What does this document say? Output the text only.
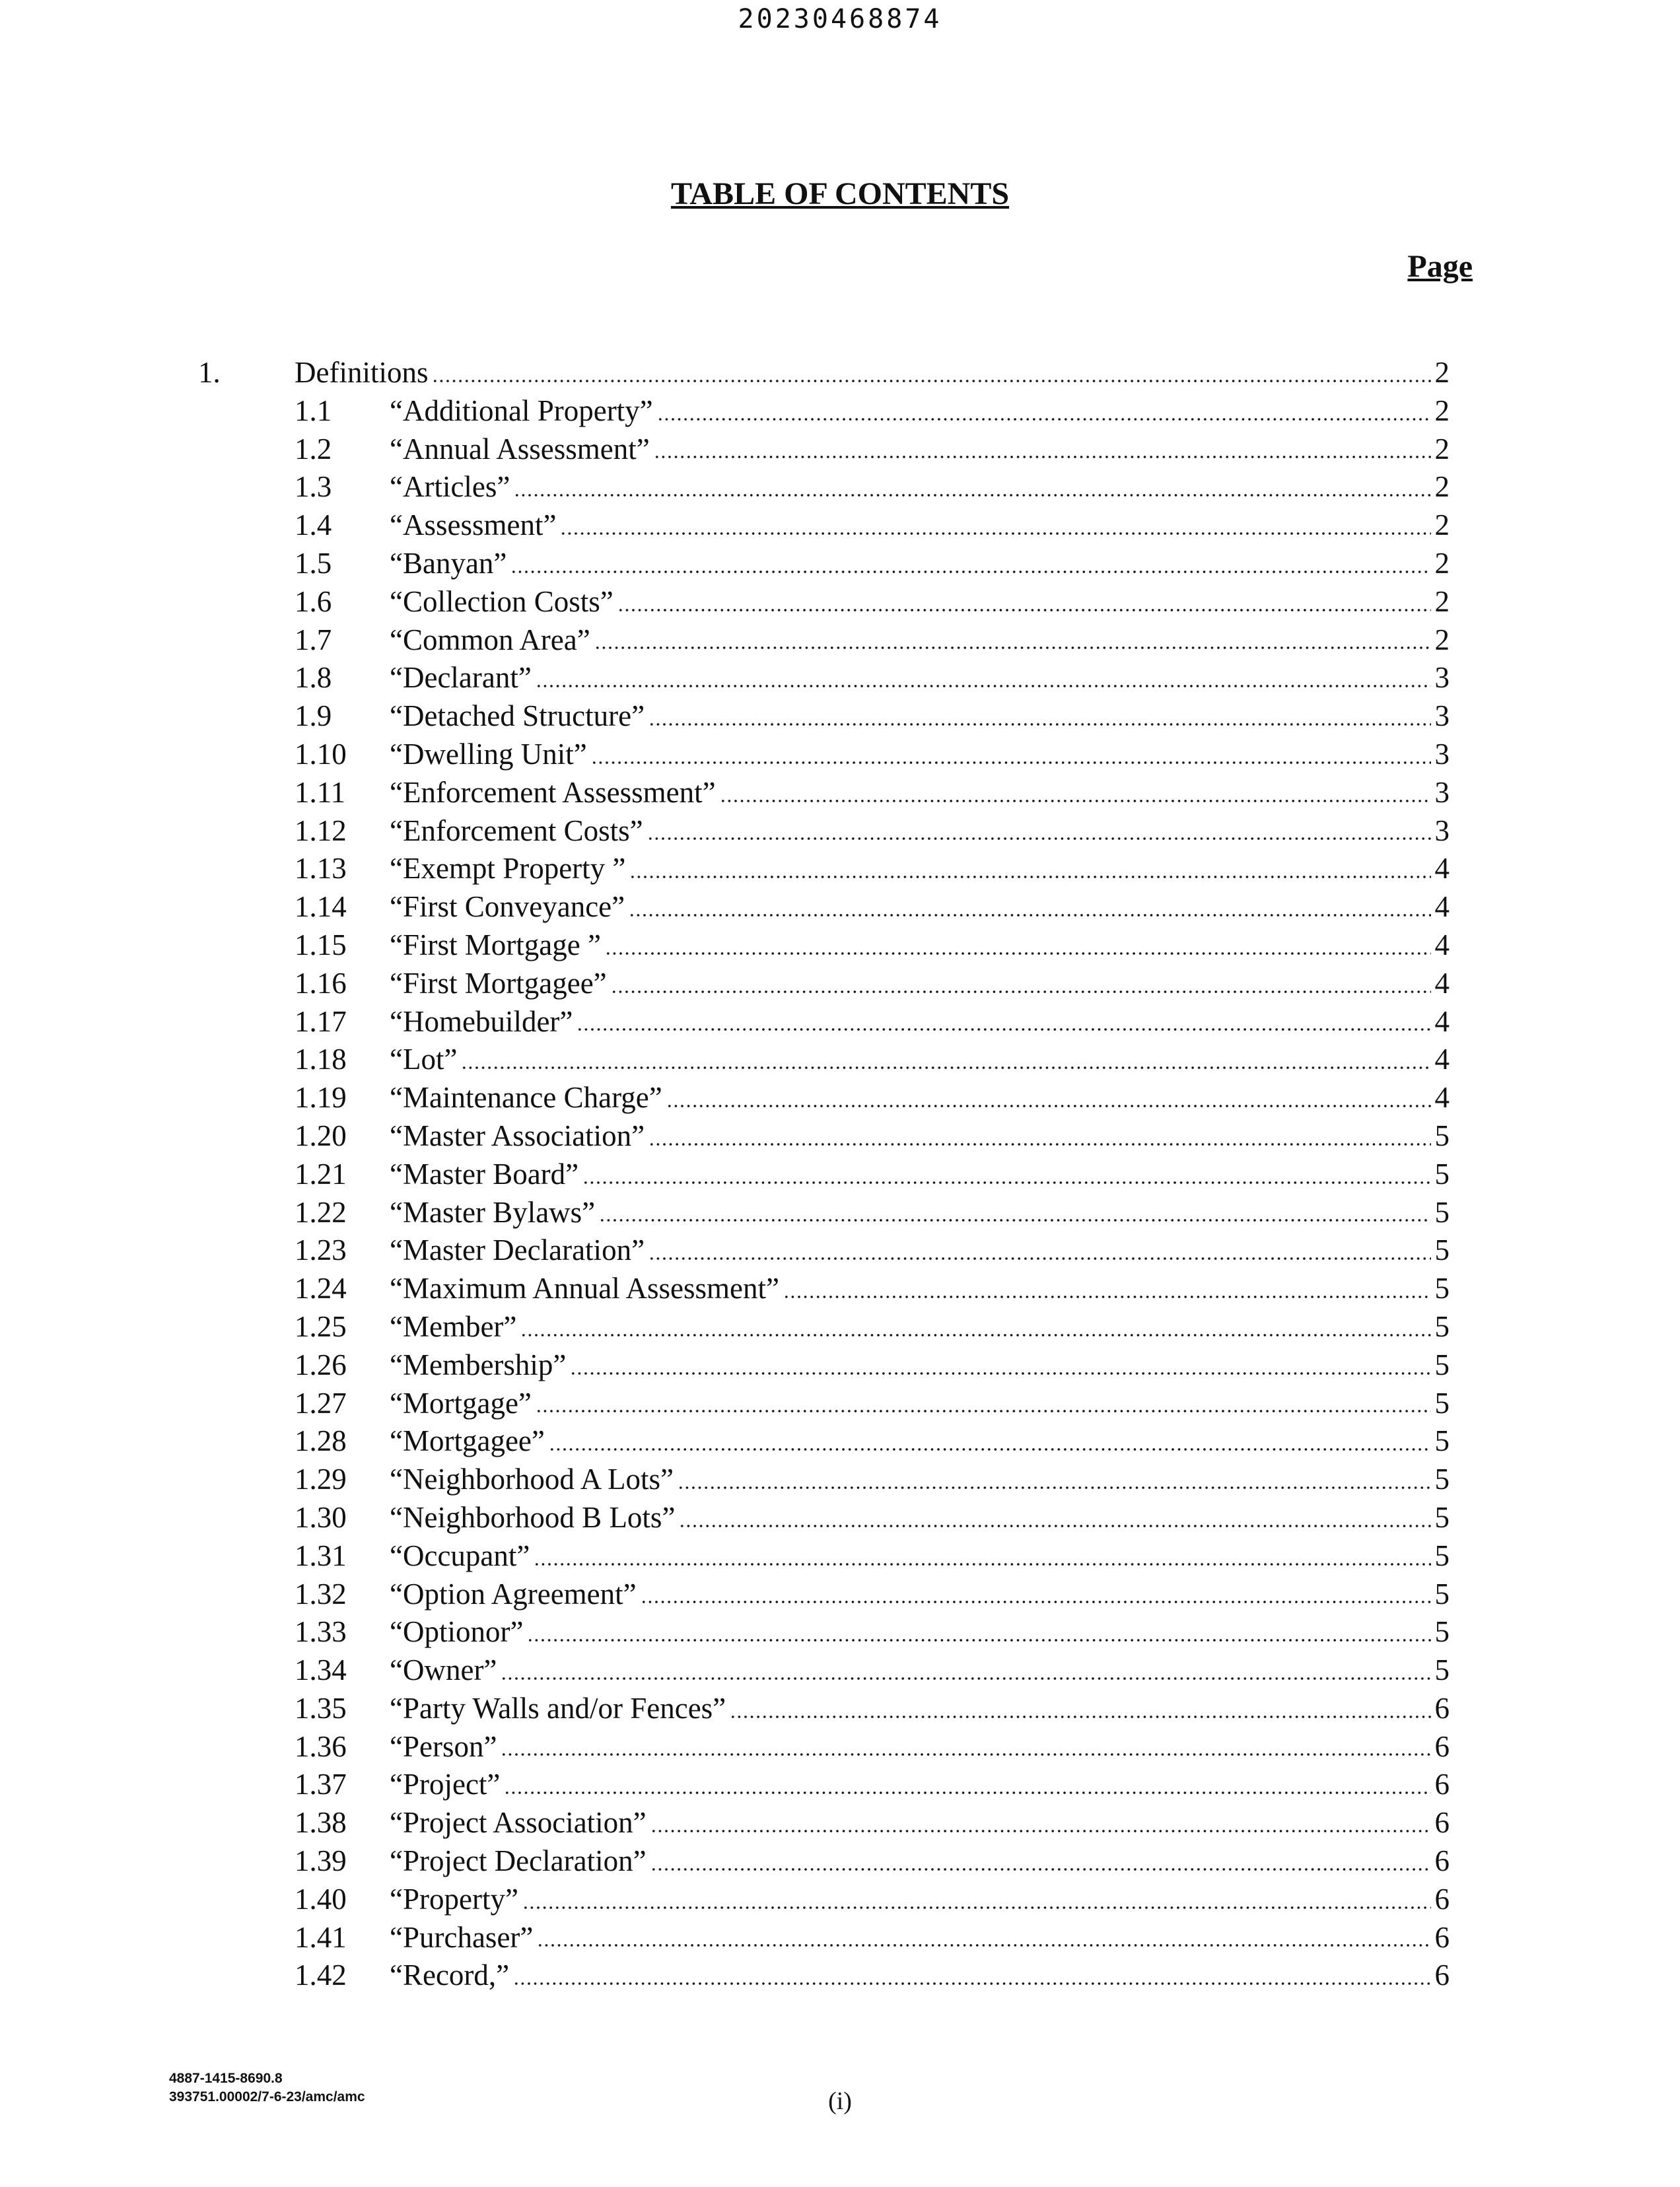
20230468874
TABLE OF CONTENTS
Page
1. Definitions	2
1.1 “Additional Property”	2
1.2 “Annual Assessment”	2
1.3 “Articles”	2
1.4 “Assessment”	2
1.5 “Banyan”	2
1.6 “Collection Costs”	2
1.7 “Common Area”	2
1.8 “Declarant”	3
1.9 “Detached Structure”	3
1.10 “Dwelling Unit”	3
1.11 “Enforcement Assessment”	3
1.12 “Enforcement Costs”	3
1.13 “Exempt Property ”	4
1.14 “First Conveyance”	4
1.15 “First Mortgage ”	4
1.16 “First Mortgagee”	4
1.17 “Homebuilder”	4
1.18 “Lot”	4
1.19 “Maintenance Charge”	4
1.20 “Master Association”	5
1.21 “Master Board”	5
1.22 “Master Bylaws”	5
1.23 “Master Declaration”	5
1.24 “Maximum Annual Assessment”	5
1.25 “Member”	5
1.26 “Membership”	5
1.27 “Mortgage”	5
1.28 “Mortgagee”	5
1.29 “Neighborhood A Lots”	5
1.30 “Neighborhood B Lots”	5
1.31 “Occupant”	5
1.32 “Option Agreement”	5
1.33 “Optionor”	5
1.34 “Owner”	5
1.35 “Party Walls and/or Fences”	6
1.36 “Person”	6
1.37 “Project”	6
1.38 “Project Association”	6
1.39 “Project Declaration”	6
1.40 “Property”	6
1.41 “Purchaser”	6
1.42 “Record,”	6
4887-1415-8690.8
393751.00002/7-6-23/amc/amc	(i)
